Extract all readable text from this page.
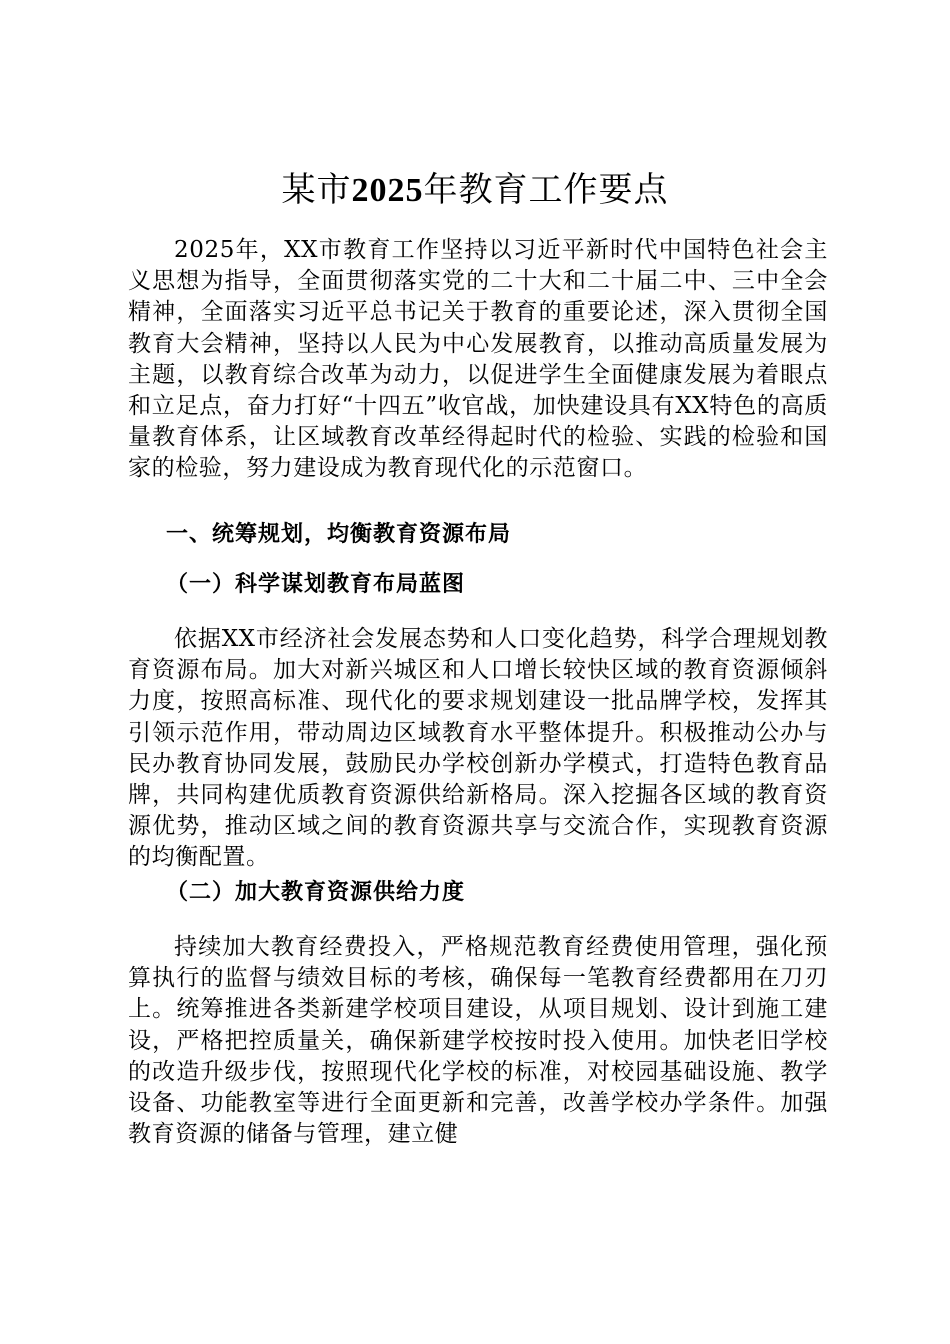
某市2025年教育工作要点

2025年，XX市教育工作坚持以习近平新时代中国特色社会主义思想为指导，全面贯彻落实党的二十大和二十届二中、三中全会精神，全面落实习近平总书记关于教育的重要论述，深入贯彻全国教育大会精神，坚持以人民为中心发展教育，以推动高质量发展为主题，以教育综合改革为动力，以促进学生全面健康发展为着眼点和立足点，奋力打好“十四五”收官战，加快建设具有XX特色的高质量教育体系，让区域教育改革经得起时代的检验、实践的检验和国家的检验，努力建设成为教育现代化的示范窗口。

一、统筹规划，均衡教育资源布局
（一）科学谋划教育布局蓝图

依据XX市经济社会发展态势和人口变化趋势，科学合理规划教育资源布局。加大对新兴城区和人口增长较快区域的教育资源倾斜力度，按照高标准、现代化的要求规划建设一批品牌学校，发挥其引领示范作用，带动周边区域教育水平整体提升。积极推动公办与民办教育协同发展，鼓励民办学校创新办学模式，打造特色教育品牌，共同构建优质教育资源供给新格局。深入挖掘各区域的教育资源优势，推动区域之间的教育资源共享与交流合作，实现教育资源的均衡配置。

（二）加大教育资源供给力度

持续加大教育经费投入，严格规范教育经费使用管理，强化预算执行的监督与绩效目标的考核，确保每一笔教育经费都用在刀刃上。统筹推进各类新建学校项目建设，从项目规划、设计到施工建设，严格把控质量关，确保新建学校按时投入使用。加快老旧学校的改造升级步伐，按照现代化学校的标准，对校园基础设施、教学设备、功能教室等进行全面更新和完善，改善学校办学条件。加强教育资源的储备与管理，建立健
